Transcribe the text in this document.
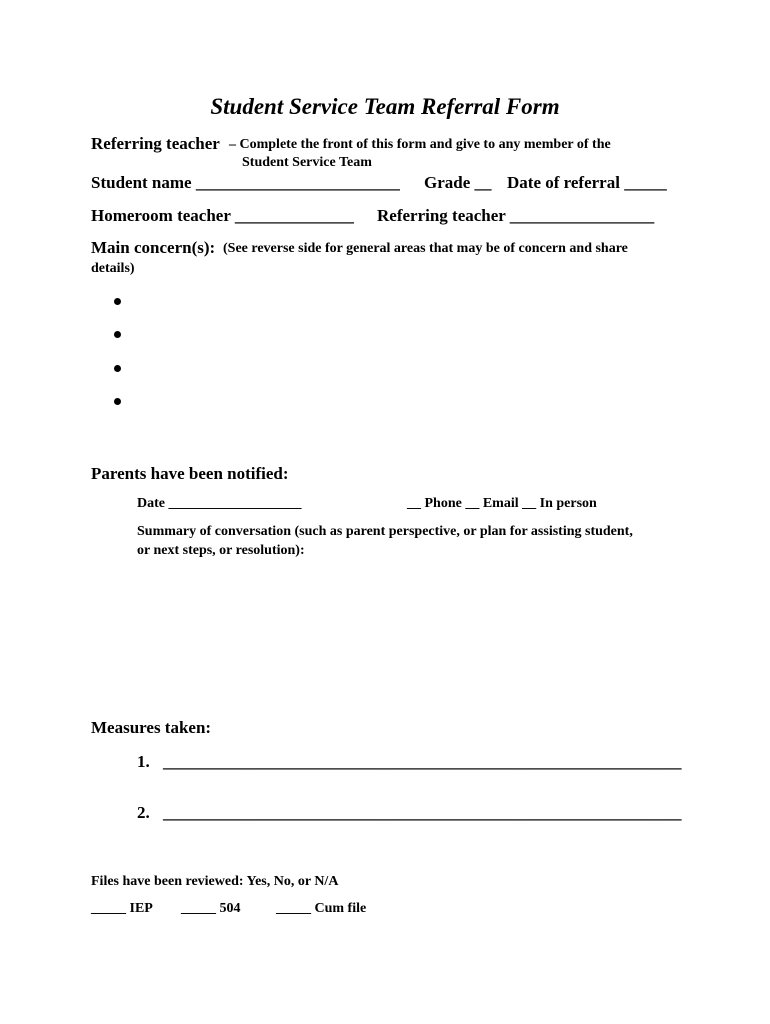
Student Service Team Referral Form
Referring teacher – Complete the front of this form and give to any member of the
Student Service Team
Student name ________________________ Grade __ Date of referral _____
Homeroom teacher ______________ Referring teacher _________________
Main concern(s): (See reverse side for general areas that may be of concern and share
details)
Parents have been notified:
Date ___________________	__ Phone __ Email __ In person
Summary of conversation (such as parent perspective, or plan for assisting student,
or next steps, or resolution):
Measures taken:
1. _____________________________________________________________
2. _____________________________________________________________
Files have been reviewed: Yes, No, or N/A
_____ IEP _____ 504	_____ Cum file
